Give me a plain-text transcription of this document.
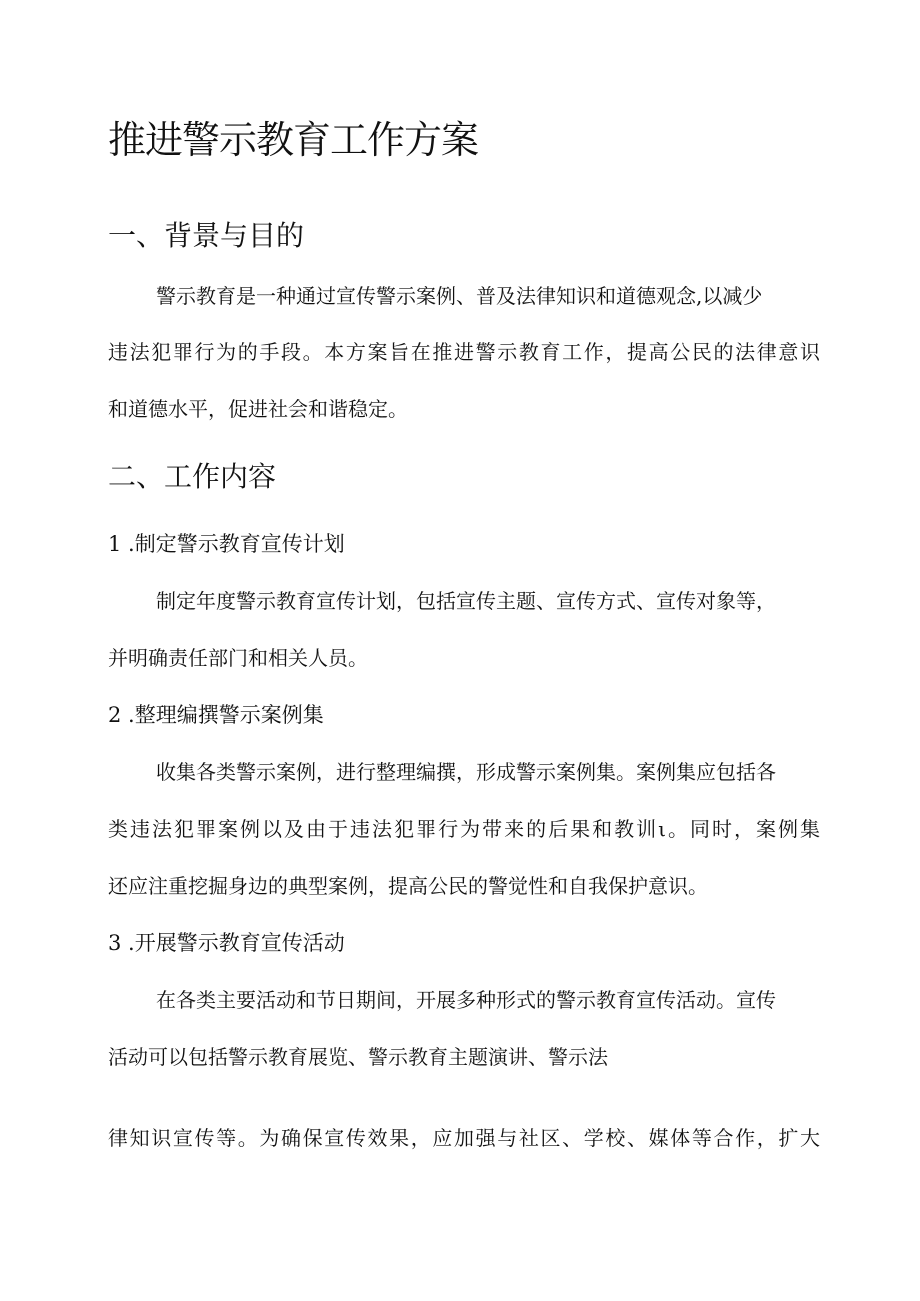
推进警示教育工作方案
一、背景与目的
警示教育是一种通过宣传警示案例、普及法律知识和道德观念,以减少
违法犯罪行为的手段。本方案旨在推进警示教育工作，提高公民的法律意识
和道德水平，促进社会和谐稳定。
二、工作内容
1 .制定警示教育宣传计划
制定年度警示教育宣传计划，包括宣传主题、宣传方式、宣传对象等，
并明确责任部门和相关人员。
2 .整理编撰警示案例集
收集各类警示案例，进行整理编撰，形成警示案例集。案例集应包括各
类违法犯罪案例以及由于违法犯罪行为带来的后果和教训ι。同时，案例集
还应注重挖掘身边的典型案例，提高公民的警觉性和自我保护意识。
3 .开展警示教育宣传活动
在各类主要活动和节日期间，开展多种形式的警示教育宣传活动。宣传
活动可以包括警示教育展览、警示教育主题演讲、警示法
律知识宣传等。为确保宣传效果，应加强与社区、学校、媒体等合作，扩大
